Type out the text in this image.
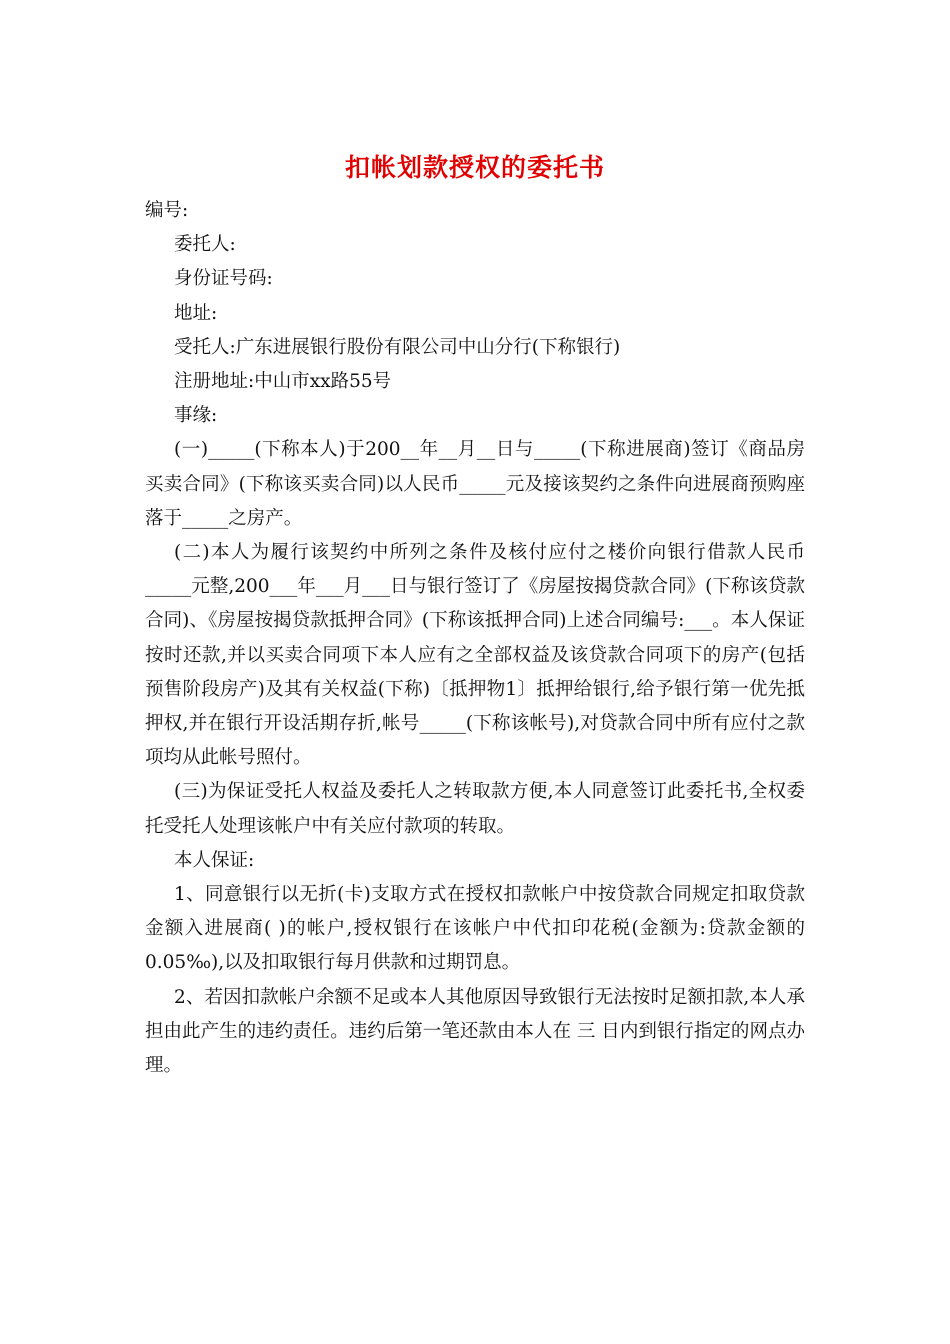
扣帐划款授权的委托书

编号:

委托人:

身份证号码:

地址:

受托人:广东进展银行股份有限公司中山分行(下称银行)

注册地址:中山市xx路55号

事缘:

(一)_____(下称本人)于200__年__月__日与_____(下称进展商)签订《商品房买卖合同》(下称该买卖合同)以人民币_____元及接该契约之条件向进展商预购座落于_____之房产。

(二)本人为履行该契约中所列之条件及核付应付之楼价向银行借款人民币_____元整,200___年___月___日与银行签订了《房屋按揭贷款合同》(下称该贷款合同)、《房屋按揭贷款抵押合同》(下称该抵押合同)上述合同编号:___。本人保证按时还款,并以买卖合同项下本人应有之全部权益及该贷款合同项下的房产(包括预售阶段房产)及其有关权益(下称)〔抵押物1〕抵押给银行,给予银行第一优先抵押权,并在银行开设活期存折,帐号_____(下称该帐号),对贷款合同中所有应付之款项均从此帐号照付。

(三)为保证受托人权益及委托人之转取款方便,本人同意签订此委托书,全权委托受托人处理该帐户中有关应付款项的转取。

本人保证:

1、同意银行以无折(卡)支取方式在授权扣款帐户中按贷款合同规定扣取贷款金额入进展商( )的帐户,授权银行在该帐户中代扣印花税(金额为:贷款金额的0.05‰),以及扣取银行每月供款和过期罚息。

2、若因扣款帐户余额不足或本人其他原因导致银行无法按时足额扣款,本人承担由此产生的违约责任。违约后第一笔还款由本人在 三 日内到银行指定的网点办理。
